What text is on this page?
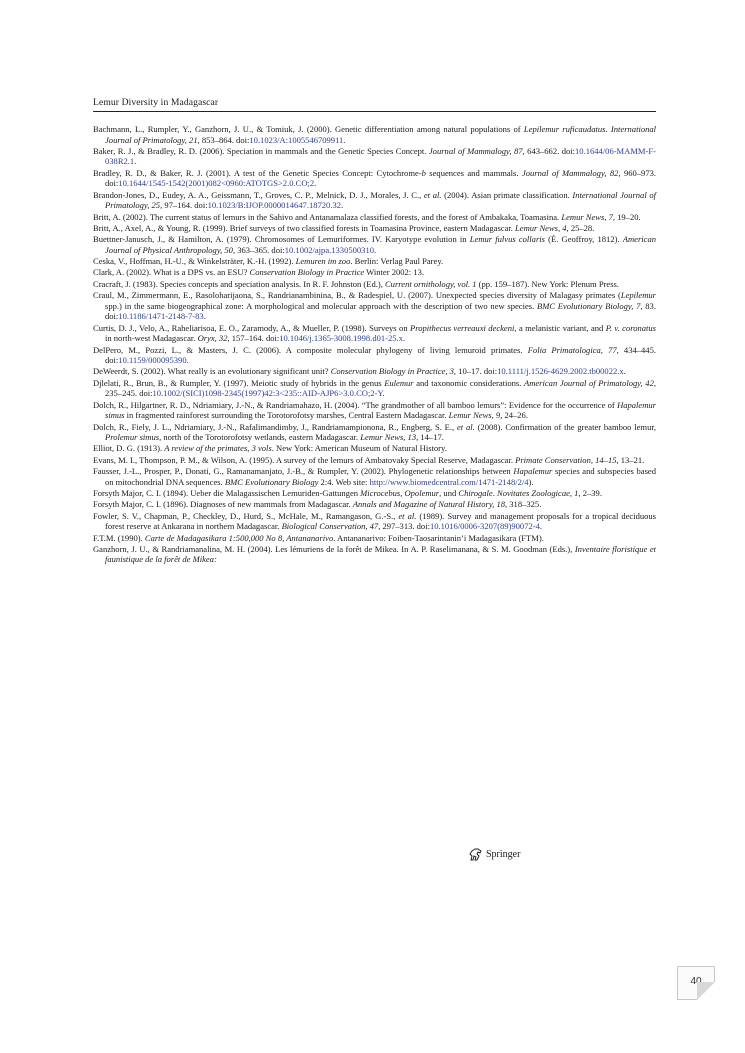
Lemur Diversity in Madagascar

Bachmann, L., Rumpler, Y., Ganzhorn, J. U., & Tomiuk, J. (2000). Genetic differentiation among natural populations of Lepilemur ruficaudatus. International Journal of Primatology, 21, 853–864. doi:10.1023/A:1005546709911.

Baker, R. J., & Bradley, R. D. (2006). Speciation in mammals and the Genetic Species Concept. Journal of Mammalogy, 87, 643–662. doi:10.1644/06-MAMM-F-038R2.1.

Bradley, R. D., & Baker, R. J. (2001). A test of the Genetic Species Concept: Cytochrome-b sequences and mammals. Journal of Mammalogy, 82, 960–973. doi:10.1644/1545-1542(2001)082<0960:ATOTGS>2.0.CO;2.

Brandon-Jones, D., Eudey, A. A., Geissmann, T., Groves, C. P., Melnick, D. J., Morales, J. C., et al. (2004). Asian primate classification. International Journal of Primatology, 25, 97–164. doi:10.1023/B:IJOP.0000014647.18720.32.

Britt, A. (2002). The current status of lemurs in the Sahivo and Antanamalaza classified forests, and the forest of Ambakaka, Toamasina. Lemur News, 7, 19–20.

Britt, A., Axel, A., & Young, R. (1999). Brief surveys of two classified forests in Toamasina Province, eastern Madagascar. Lemur News, 4, 25–28.

Buettner-Janusch, J., & Hamilton, A. (1979). Chromosomes of Lemuriformes. IV. Karyotype evolution in Lemur fulvus collaris (É. Geoffroy, 1812). American Journal of Physical Anthropology, 50, 363–365. doi:10.1002/ajpa.1330500310.

Ceska, V., Hoffman, H.-U., & Winkelsträter, K.-H. (1992). Lemuren im zoo. Berlin: Verlag Paul Parey.

Clark, A. (2002). What is a DPS vs. an ESU? Conservation Biology in Practice Winter 2002: 13.

Cracraft, J. (1983). Species concepts and speciation analysis. In R. F. Johnston (Ed.), Current ornithology, vol. 1 (pp. 159–187). New York: Plenum Press.

Craul, M., Zimmermann, E., Rasoloharijaona, S., Randrianambinina, B., & Radespiel, U. (2007). Unexpected species diversity of Malagasy primates (Lepilemur spp.) in the same biogeographical zone: A morphological and molecular approach with the description of two new species. BMC Evolutionary Biology, 7, 83. doi:10.1186/1471-2148-7-83.

Curtis, D. J., Velo, A., Raheliarisoa, E. O., Zaramody, A., & Mueller, P. (1998). Surveys on Propithecus verreauxi deckeni, a melanistic variant, and P. v. coronatus in north-west Madagascar. Oryx, 32, 157–164. doi:10.1046/j.1365-3008.1998.d01-25.x.

DelPero, M., Pozzi, L., & Masters, J. C. (2006). A composite molecular phylogeny of living lemuroid primates. Folia Primatologica, 77, 434–445. doi:10.1159/000095390.

DeWeerdt, S. (2002). What really is an evolutionary significant unit? Conservation Biology in Practice, 3, 10–17. doi:10.1111/j.1526-4629.2002.tb00022.x.

Djlelati, R., Brun, B., & Rumpler, Y. (1997). Meiotic study of hybrids in the genus Eulemur and taxonomic considerations. American Journal of Primatology, 42, 235–245. doi:10.1002/(SICI)1098-2345(1997)42:3<235::AID-AJP6>3.0.CO;2-Y.

Dolch, R., Hilgartner, R. D., Ndriamiary, J.-N., & Randriamahazo, H. (2004). “The grandmother of all bamboo lemurs”: Evidence for the occurrence of Hapalemur simus in fragmented rainforest surrounding the Torotorofotsy marshes, Central Eastern Madagascar. Lemur News, 9, 24–26.

Dolch, R., Fiely, J. L., Ndriamiary, J.-N., Rafalimandimby, J., Randriamampionona, R., Engberg, S. E., et al. (2008). Confirmation of the greater bamboo lemur, Prolemur simus, north of the Torotorofotsy wetlands, eastern Madagascar. Lemur News, 13, 14–17.

Elliot, D. G. (1913). A review of the primates, 3 vols. New York: American Museum of Natural History.

Evans, M. I., Thompson, P. M., & Wilson, A. (1995). A survey of the lemurs of Ambatovaky Special Reserve, Madagascar. Primate Conservation, 14–15, 13–21.

Fausser, J.-L., Prosper, P., Donati, G., Ramanamanjato, J.-B., & Rumpler, Y. (2002). Phylogenetic relationships between Hapalemur species and subspecies based on mitochondrial DNA sequences. BMC Evolutionary Biology 2:4. Web site: http://www.biomedcentral.com/1471-2148/2/4).

Forsyth Major, C. I. (1894). Ueber die Malagassischen Lemuriden-Gattungen Microcebus, Opolemur, und Chirogale. Novitates Zoologicae, 1, 2–39.

Forsyth Major, C. I. (1896). Diagnoses of new mammals from Madagascar. Annals and Magazine of Natural History, 18, 318–325.

Fowler, S. V., Chapman, P., Checkley, D., Hurd, S., McHale, M., Ramangason, G.-S., et al. (1989). Survey and management proposals for a tropical deciduous forest reserve at Ankarana in northern Madagascar. Biological Conservation, 47, 297–313. doi:10.1016/0006-3207(89)90072-4.

F.T.M. (1990). Carte de Madagasikara 1:500,000 No 8, Antananarivo. Antananarivo: Foiben-Taosarintanin’i Madagasikara (FTM).

Ganzhorn, J. U., & Randriamanalina, M. H. (2004). Les lémuriens de la forêt de Mikea. In A. P. Raselimanana, & S. M. Goodman (Eds.), Inventaire floristique et faunistique de la forêt de Mikea:

Springer
40
